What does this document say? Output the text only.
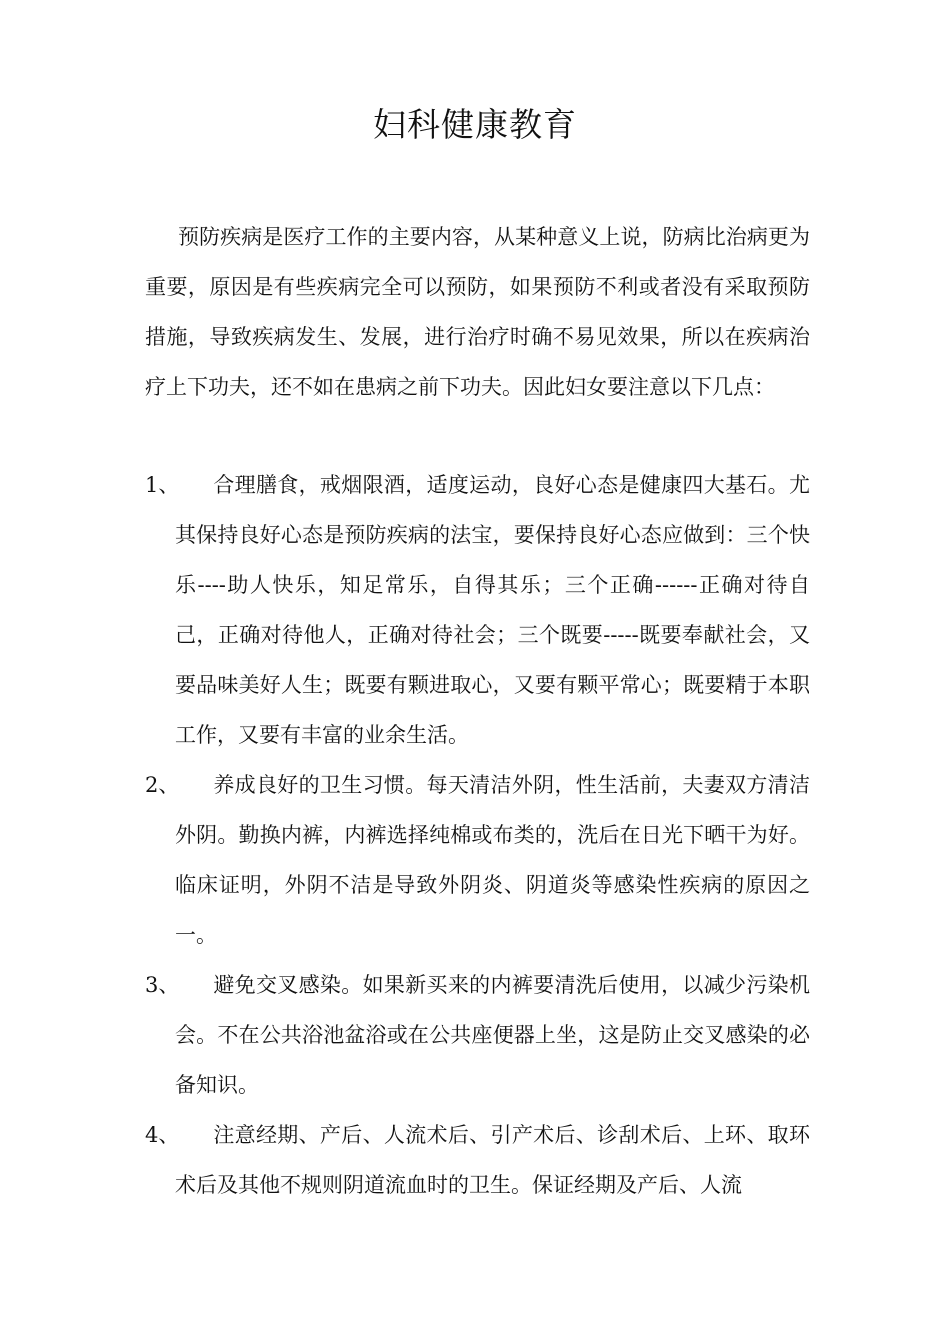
妇科健康教育

预防疾病是医疗工作的主要内容，从某种意义上说，防病比治病更为重要，原因是有些疾病完全可以预防，如果预防不利或者没有采取预防措施，导致疾病发生、发展，进行治疗时确不易见效果，所以在疾病治疗上下功夫，还不如在患病之前下功夫。因此妇女要注意以下几点：

1、 合理膳食，戒烟限酒，适度运动，良好心态是健康四大基石。尤其保持良好心态是预防疾病的法宝，要保持良好心态应做到：三个快乐----助人快乐，知足常乐，自得其乐；三个正确------正确对待自己，正确对待他人，正确对待社会；三个既要-----既要奉献社会，又要品味美好人生；既要有颗进取心，又要有颗平常心；既要精于本职工作，又要有丰富的业余生活。
2、 养成良好的卫生习惯。每天清洁外阴，性生活前，夫妻双方清洁外阴。勤换内裤，内裤选择纯棉或布类的，洗后在日光下晒干为好。临床证明，外阴不洁是导致外阴炎、阴道炎等感染性疾病的原因之一。
3、 避免交叉感染。如果新买来的内裤要清洗后使用，以减少污染机会。不在公共浴池盆浴或在公共座便器上坐，这是防止交叉感染的必备知识。
4、 注意经期、产后、人流术后、引产术后、诊刮术后、上环、取环术后及其他不规则阴道流血时的卫生。保证经期及产后、人流
